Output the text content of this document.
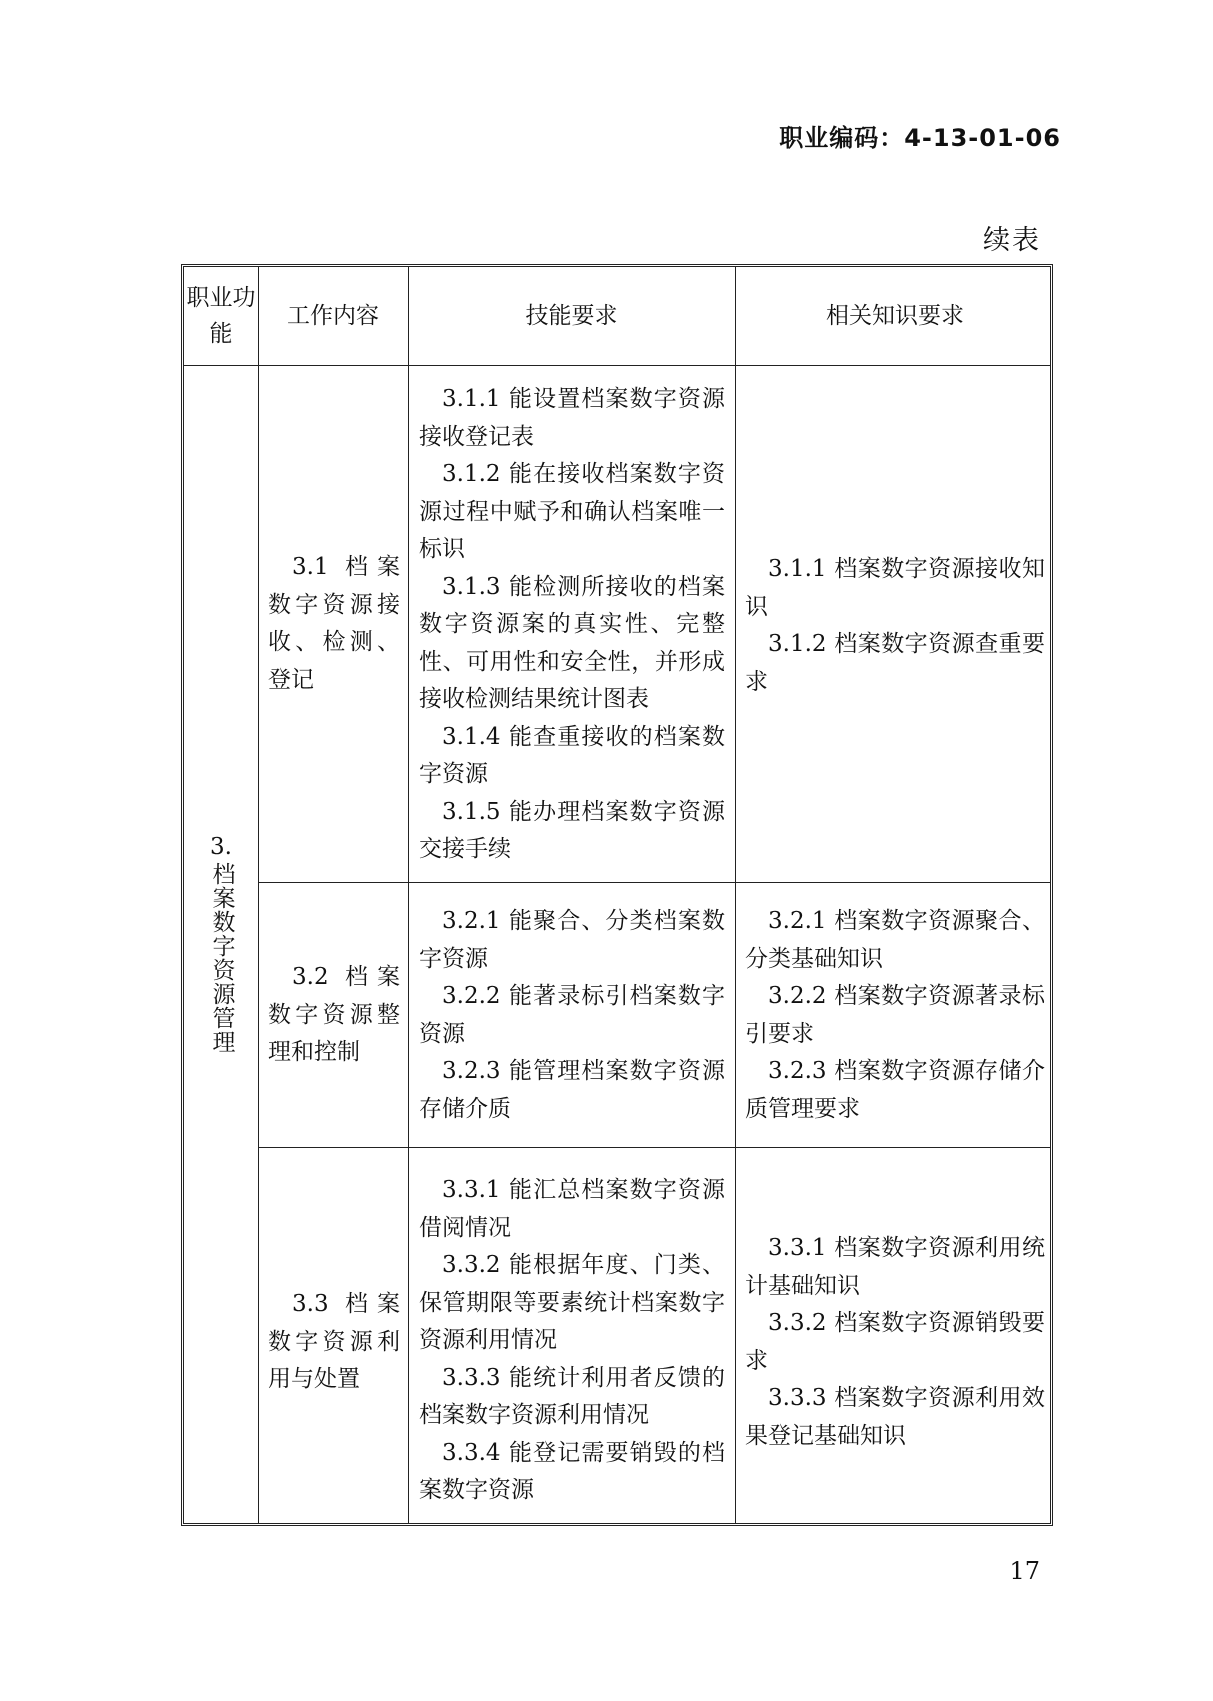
职业编码：4-13-01-06
续表
职业功能
工作内容	技能要求	相关知识要求
3.
档案数字资源管理

3.1 档案数字资源接收、检测、登记

3.1.1 能设置档案数字资源接收登记表

3.1.2 能在接收档案数字资源过程中赋予和确认档案唯一标识

3.1.3 能检测所接收的档案数字资源案的真实性、完整性、可用性和安全性，并形成接收检测结果统计图表

3.1.4 能查重接收的档案数字资源

3.1.5 能办理档案数字资源交接手续

3.1.1 档案数字资源接收知识

3.1.2 档案数字资源查重要求

3.2 档案数字资源整理和控制

3.2.1 能聚合、分类档案数字资源

3.2.2 能著录标引档案数字资源

3.2.3 能管理档案数字资源存储介质

3.2.1 档案数字资源聚合、分类基础知识

3.2.2 档案数字资源著录标引要求

3.2.3 档案数字资源存储介质管理要求

3.3 档案数字资源利用与处置

3.3.1 能汇总档案数字资源借阅情况

3.3.2 能根据年度、门类、保管期限等要素统计档案数字资源利用情况

3.3.3 能统计利用者反馈的档案数字资源利用情况

3.3.4 能登记需要销毁的档案数字资源

3.3.1 档案数字资源利用统计基础知识

3.3.2 档案数字资源销毁要求

3.3.3 档案数字资源利用效果登记基础知识

17
